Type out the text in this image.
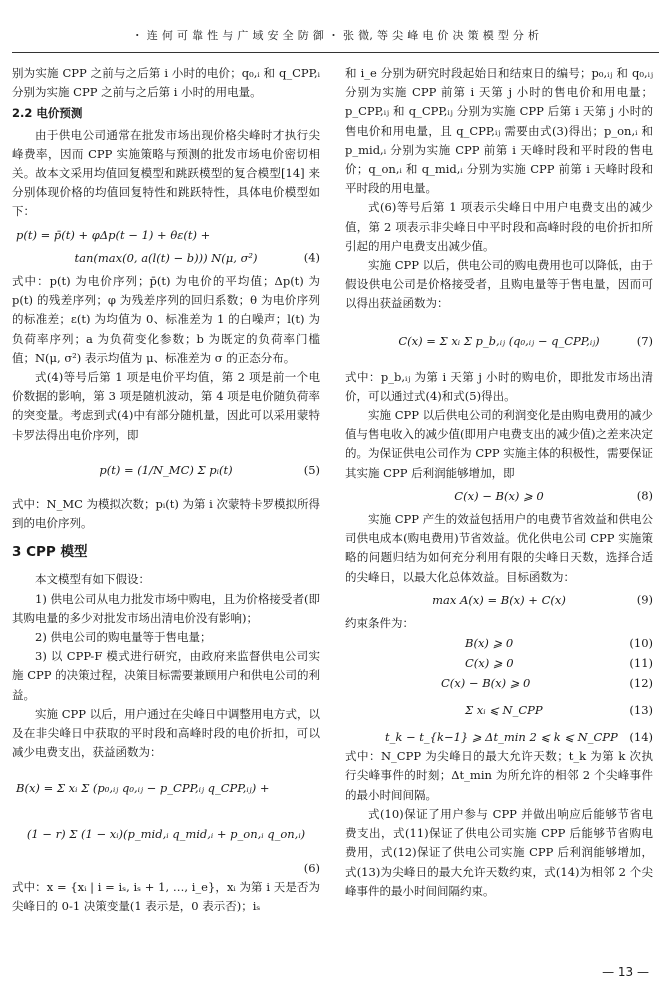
・ 连 何 可 靠 性 与 广 域 安 全 防 御 ・ 张 微, 等 尖 峰 电 价 决 策 模 型 分 析

别为实施 CPP 之前与之后第 i 小时的电价；q₀,ᵢ 和 q_CPP,ᵢ 分别为实施 CPP 之前与之后第 i 小时的用电量。

2.2 电价预测

由于供电公司通常在批发市场出现价格尖峰时才执行尖峰费率，因而 CPP 实施策略与预测的批发市场电价密切相关。故本文采用均值回复模型和跳跃模型的复合模型[14] 来分别体现价格的均值回复特性和跳跃特性，具体电价模型如下：

p(t) = p̄(t) + φΔp(t − 1) + θε(t) +
tan(max(0, a(l(t) − b))) N(μ, σ²)	(4)

式中：p(t) 为电价序列；p̄(t) 为电价的平均值；Δp(t) 为 p(t) 的残差序列；φ 为残差序列的回归系数；θ 为电价序列的标准差；ε(t) 为均值为 0、标准差为 1 的白噪声；l(t) 为负荷率序列；a 为负荷变化参数；b 为既定的负荷率门槛值；N(μ, σ²) 表示均值为 μ、标准差为 σ 的正态分布。

式(4)等号后第 1 项是电价平均值，第 2 项是前一个电价数据的影响，第 3 项是随机波动，第 4 项是电价随负荷率的突变量。考虑到式(4)中有部分随机量，因此可以采用蒙特卡罗法得出电价序列，即

p(t) = (1/N_MC) Σ pᵢ(t)	(5)

式中：N_MC 为模拟次数；pᵢ(t) 为第 i 次蒙特卡罗模拟所得到的电价序列。

3 CPP 模型

本文模型有如下假设：

1) 供电公司从电力批发市场中购电，且为价格接受者(即其购电量的多少对批发市场出清电价没有影响)；

2) 供电公司的购电量等于售电量；

3) 以 CPP-F 模式进行研究，由政府来监督供电公司实施 CPP 的决策过程，决策目标需要兼顾用户和供电公司的利益。

实施 CPP 以后，用户通过在尖峰日中调整用电方式，以及在非尖峰日中获取的平时段和高峰时段的电价折扣，可以减少电费支出，获益函数为：

B(x) = Σ xᵢ Σ (p₀,ᵢⱼ q₀,ᵢⱼ − p_CPP,ᵢⱼ q_CPP,ᵢⱼ) +
(1 − r) Σ (1 − xᵢ)(p_mid,ᵢ q_mid,ᵢ + p_on,ᵢ q_on,ᵢ)

(6)

式中：x = {xᵢ | i = iₛ, iₛ + 1, …, i_e}，xᵢ 为第 i 天是否为尖峰日的 0-1 决策变量(1 表示是，0 表示否)；iₛ

和 i_e 分别为研究时段起始日和结束日的编号；p₀,ᵢⱼ 和 q₀,ᵢⱼ 分别为实施 CPP 前第 i 天第 j 小时的售电价和用电量；p_CPP,ᵢⱼ 和 q_CPP,ᵢⱼ 分别为实施 CPP 后第 i 天第 j 小时的售电价和用电量，且 q_CPP,ᵢⱼ 需要由式(3)得出；p_on,ᵢ 和 p_mid,ᵢ 分别为实施 CPP 前第 i 天峰时段和平时段的售电价；q_on,ᵢ 和 q_mid,ᵢ 分别为实施 CPP 前第 i 天峰时段和平时段的用电量。

式(6)等号后第 1 项表示尖峰日中用户电费支出的减少值，第 2 项表示非尖峰日中平时段和高峰时段的电价折扣所引起的用户电费支出减少值。

实施 CPP 以后，供电公司的购电费用也可以降低，由于假设供电公司是价格接受者，且购电量等于售电量，因而可以得出获益函数为：

C(x) = Σ xᵢ Σ p_b,ᵢⱼ (q₀,ᵢⱼ − q_CPP,ᵢⱼ)	(7)

式中：p_b,ᵢⱼ 为第 i 天第 j 小时的购电价，即批发市场出清价，可以通过式(4)和式(5)得出。

实施 CPP 以后供电公司的利润变化是由购电费用的减少值与售电收入的减少值(即用户电费支出的减少值)之差来决定的。为保证供电公司作为 CPP 实施主体的积极性，需要保证其实施 CPP 后利润能够增加，即

C(x) − B(x) ⩾ 0	(8)

实施 CPP 产生的效益包括用户的电费节省效益和供电公司供电成本(购电费用)节省效益。优化供电公司 CPP 实施策略的问题归结为如何充分利用有限的尖峰日天数，选择合适的尖峰日，以最大化总体效益。目标函数为：

max A(x) = B(x) + C(x)	(9)

约束条件为：

B(x) ⩾ 0	(10)
C(x) ⩾ 0	(11)
C(x) − B(x) ⩾ 0	(12)
Σ xᵢ ⩽ N_CPP	(13)
t_k − t_{k−1} ⩾ Δt_min 2 ⩽ k ⩽ N_CPP (14)

式中：N_CPP 为尖峰日的最大允许天数；t_k 为第 k 次执行尖峰事件的时刻；Δt_min 为所允许的相邻 2 个尖峰事件的最小时间间隔。

式(10)保证了用户参与 CPP 并做出响应后能够节省电费支出，式(11)保证了供电公司实施 CPP 后能够节省购电费用，式(12)保证了供电公司实施 CPP 后利润能够增加，式(13)为尖峰日的最大允许天数约束，式(14)为相邻 2 个尖峰事件的最小时间间隔约束。

— 13 —
